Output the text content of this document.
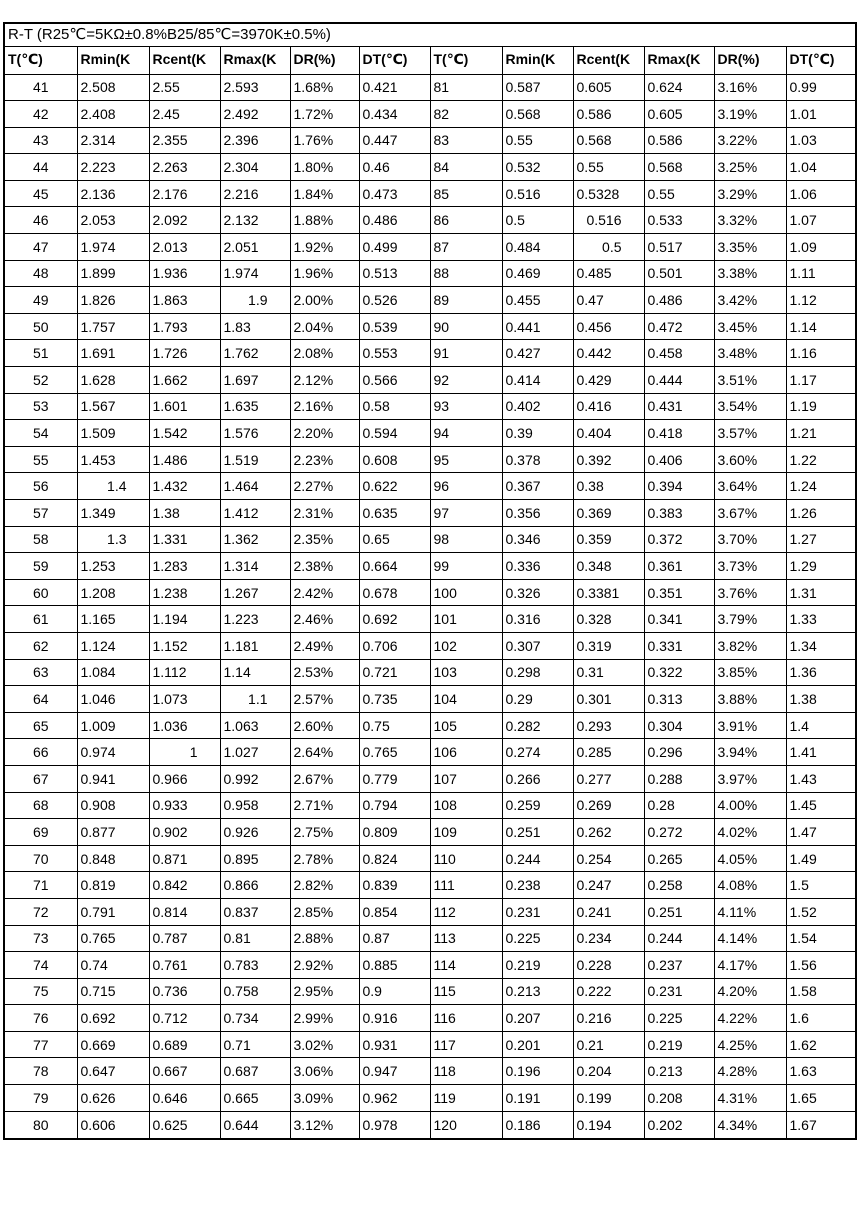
R-T (R25℃=5KΩ±0.8%B25/85℃=3970K±0.5%)
T(℃)	Rmin(K	Rcent(K	Rmax(K	DR(%)	DT(℃)	T(℃)	Rmin(K	Rcent(K	Rmax(K	DR(%)	DT(℃)
41	2.508	2.55	2.593	1.68%	0.421	81	0.587	0.605	0.624	3.16%	0.99
42	2.408	2.45	2.492	1.72%	0.434	82	0.568	0.586	0.605	3.19%	1.01
43	2.314	2.355	2.396	1.76%	0.447	83	0.55	0.568	0.586	3.22%	1.03
44	2.223	2.263	2.304	1.80%	0.46	84	0.532	0.55	0.568	3.25%	1.04
45	2.136	2.176	2.216	1.84%	0.473	85	0.516	0.5328	0.55	3.29%	1.06
46	2.053	2.092	2.132	1.88%	0.486	86	0.5	0.516	0.533	3.32%	1.07
47	1.974	2.013	2.051	1.92%	0.499	87	0.484	0.5	0.517	3.35%	1.09
48	1.899	1.936	1.974	1.96%	0.513	88	0.469	0.485	0.501	3.38%	1.11
49	1.826	1.863	1.9	2.00%	0.526	89	0.455	0.47	0.486	3.42%	1.12
50	1.757	1.793	1.83	2.04%	0.539	90	0.441	0.456	0.472	3.45%	1.14
51	1.691	1.726	1.762	2.08%	0.553	91	0.427	0.442	0.458	3.48%	1.16
52	1.628	1.662	1.697	2.12%	0.566	92	0.414	0.429	0.444	3.51%	1.17
53	1.567	1.601	1.635	2.16%	0.58	93	0.402	0.416	0.431	3.54%	1.19
54	1.509	1.542	1.576	2.20%	0.594	94	0.39	0.404	0.418	3.57%	1.21
55	1.453	1.486	1.519	2.23%	0.608	95	0.378	0.392	0.406	3.60%	1.22
56	1.4	1.432	1.464	2.27%	0.622	96	0.367	0.38	0.394	3.64%	1.24
57	1.349	1.38	1.412	2.31%	0.635	97	0.356	0.369	0.383	3.67%	1.26
58	1.3	1.331	1.362	2.35%	0.65	98	0.346	0.359	0.372	3.70%	1.27
59	1.253	1.283	1.314	2.38%	0.664	99	0.336	0.348	0.361	3.73%	1.29
60	1.208	1.238	1.267	2.42%	0.678	100	0.326	0.3381	0.351	3.76%	1.31
61	1.165	1.194	1.223	2.46%	0.692	101	0.316	0.328	0.341	3.79%	1.33
62	1.124	1.152	1.181	2.49%	0.706	102	0.307	0.319	0.331	3.82%	1.34
63	1.084	1.112	1.14	2.53%	0.721	103	0.298	0.31	0.322	3.85%	1.36
64	1.046	1.073	1.1	2.57%	0.735	104	0.29	0.301	0.313	3.88%	1.38
65	1.009	1.036	1.063	2.60%	0.75	105	0.282	0.293	0.304	3.91%	1.4
66	0.974	1	1.027	2.64%	0.765	106	0.274	0.285	0.296	3.94%	1.41
67	0.941	0.966	0.992	2.67%	0.779	107	0.266	0.277	0.288	3.97%	1.43
68	0.908	0.933	0.958	2.71%	0.794	108	0.259	0.269	0.28	4.00%	1.45
69	0.877	0.902	0.926	2.75%	0.809	109	0.251	0.262	0.272	4.02%	1.47
70	0.848	0.871	0.895	2.78%	0.824	110	0.244	0.254	0.265	4.05%	1.49
71	0.819	0.842	0.866	2.82%	0.839	111	0.238	0.247	0.258	4.08%	1.5
72	0.791	0.814	0.837	2.85%	0.854	112	0.231	0.241	0.251	4.11%	1.52
73	0.765	0.787	0.81	2.88%	0.87	113	0.225	0.234	0.244	4.14%	1.54
74	0.74	0.761	0.783	2.92%	0.885	114	0.219	0.228	0.237	4.17%	1.56
75	0.715	0.736	0.758	2.95%	0.9	115	0.213	0.222	0.231	4.20%	1.58
76	0.692	0.712	0.734	2.99%	0.916	116	0.207	0.216	0.225	4.22%	1.6
77	0.669	0.689	0.71	3.02%	0.931	117	0.201	0.21	0.219	4.25%	1.62
78	0.647	0.667	0.687	3.06%	0.947	118	0.196	0.204	0.213	4.28%	1.63
79	0.626	0.646	0.665	3.09%	0.962	119	0.191	0.199	0.208	4.31%	1.65
80	0.606	0.625	0.644	3.12%	0.978	120	0.186	0.194	0.202	4.34%	1.67
